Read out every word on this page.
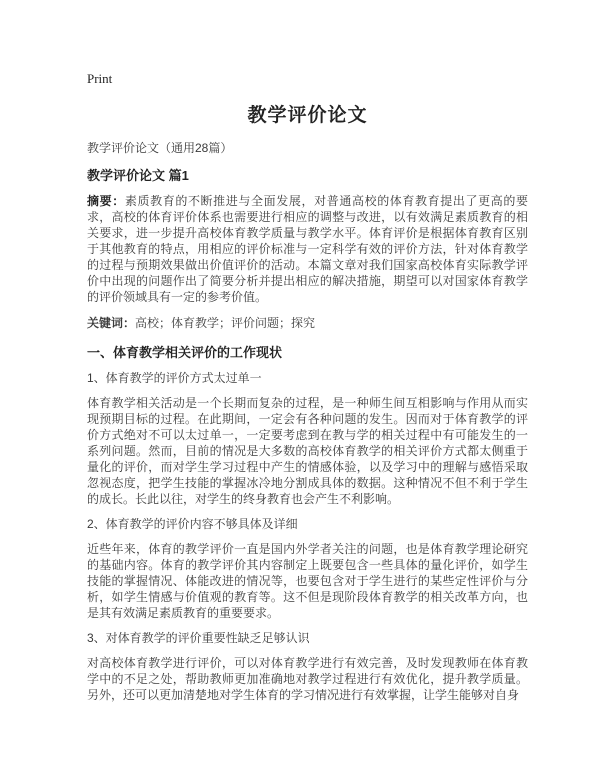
Print
教学评价论文
教学评价论文（通用28篇）
教学评价论文 篇1

摘要：素质教育的不断推进与全面发展，对普通高校的体育教育提出了更高的要求，高校的体育评价体系也需要进行相应的调整与改进，以有效满足素质教育的相关要求，进一步提升高校体育教学质量与教学水平。体育评价是根据体育教育区别于其他教育的特点，用相应的评价标准与一定科学有效的评价方法，针对体育教学的过程与预期效果做出价值评价的活动。本篇文章对我们国家高校体育实际教学评价中出现的问题作出了简要分析并提出相应的解决措施，期望可以对国家体育教学的评价领域具有一定的参考价值。

关键词：高校；体育教学；评价问题；探究

一、体育教学相关评价的工作现状
1、体育教学的评价方式太过单一

体育教学相关活动是一个长期而复杂的过程，是一种师生间互相影响与作用从而实现预期目标的过程。在此期间，一定会有各种问题的发生。因而对于体育教学的评价方式绝对不可以太过单一，一定要考虑到在教与学的相关过程中有可能发生的一系列问题。然而，目前的情况是大多数的高校体育教学的相关评价方式都太侧重于量化的评价，而对学生学习过程中产生的情感体验，以及学习中的理解与感悟采取忽视态度，把学生技能的掌握冰冷地分割成具体的数据。这种情况不但不利于学生的成长。长此以往，对学生的终身教育也会产生不利影响。

2、体育教学的评价内容不够具体及详细

近些年来，体育的教学评价一直是国内外学者关注的问题，也是体育教学理论研究的基础内容。体育的教学评价其内容制定上既要包含一些具体的量化评价，如学生技能的掌握情况、体能改进的情况等，也要包含对于学生进行的某些定性评价与分析，如学生情感与价值观的教育等。这不但是现阶段体育教学的相关改革方向，也是其有效满足素质教育的重要要求。

3、对体育教学的评价重要性缺乏足够认识

对高校体育教学进行评价，可以对体育教学进行有效完善，及时发现教师在体育教学中的不足之处，帮助教师更加准确地对教学过程进行有效优化，提升教学质量。另外，还可以更加清楚地对学生体育的学习情况进行有效掌握，让学生能够对自身
